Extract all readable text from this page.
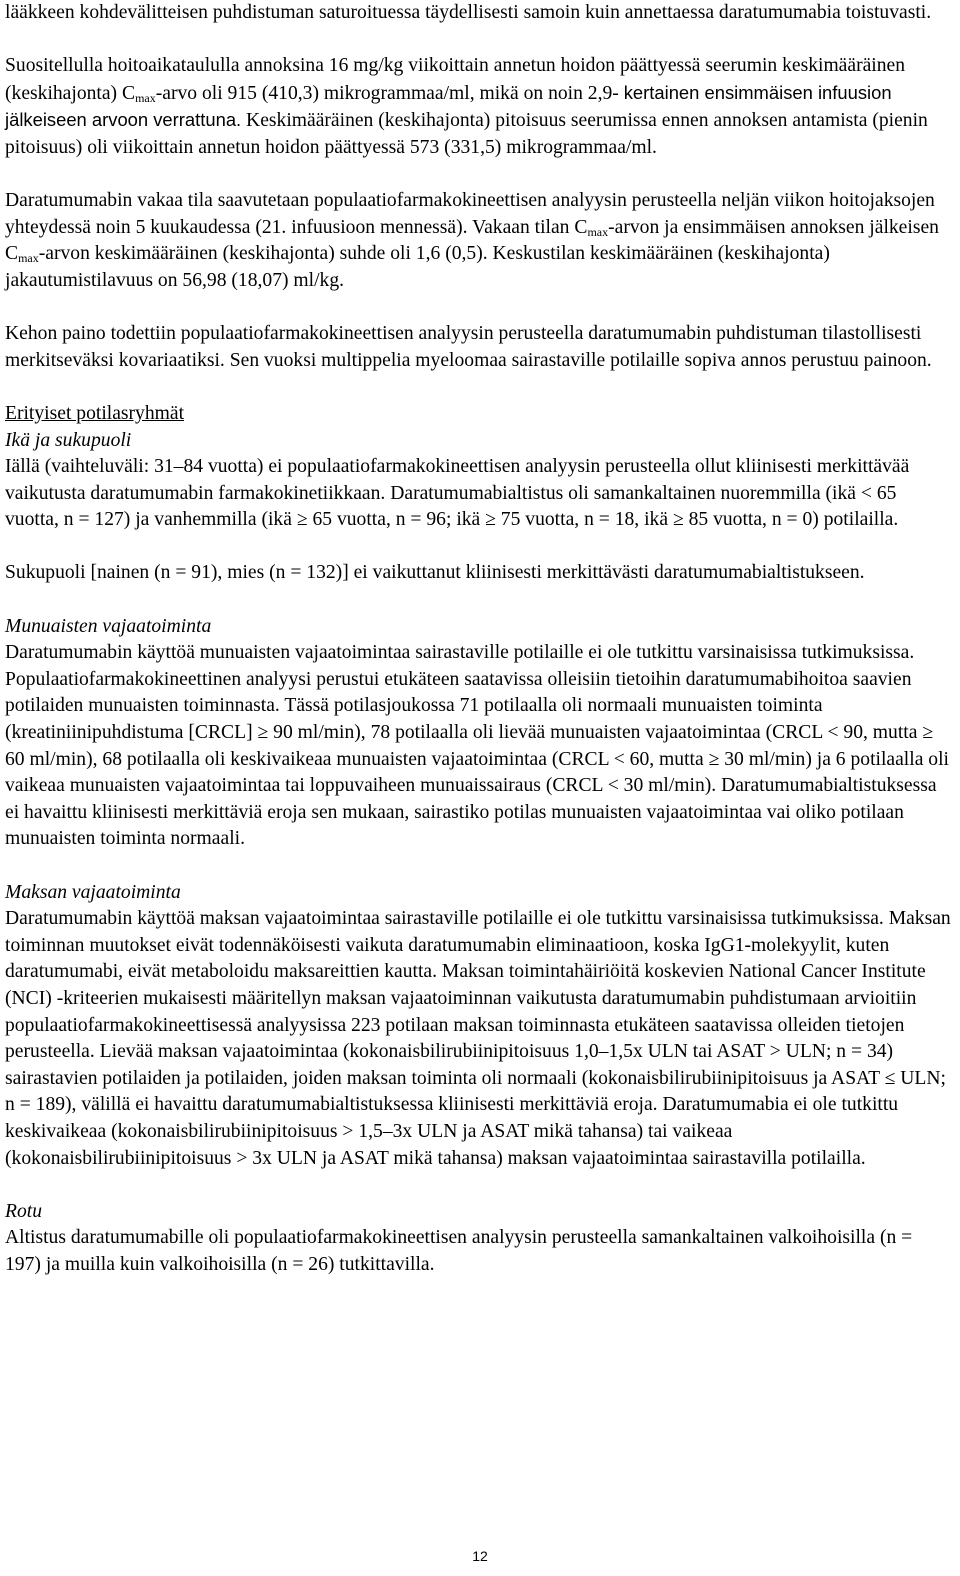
lääkkeen kohdevälitteisen puhdistuman saturoituessa täydellisesti samoin kuin annettaessa daratumumabia toistuvasti.

Suositellulla hoitoaikataululla annoksina 16 mg/kg viikoittain annetun hoidon päättyessä seerumin keskimääräinen (keskihajonta) $C_{max}$-arvo oli 915 (410,3) mikrogrammaa/ml, mikä on noin 2,9- kertainen ensimmäisen infuusion jälkeiseen arvoon verrattuna. Keskimääräinen (keskihajonta) pitoisuus seerumissa ennen annoksen antamista (pienin pitoisuus) oli viikoittain annetun hoidon päättyessä 573 (331,5) mikrogrammaa/ml.

Daratumumabin vakaa tila saavutetaan populaatiofarmakokineettisen analyysin perusteella neljän viikon hoitojaksojen yhteydessä noin 5 kuukaudessa (21. infuusioon mennessä). Vakaan tilan $C_{max}$-arvon ja ensimmäisen annoksen jälkeisen $C_{max}$-arvon keskimääräinen (keskihajonta) suhde oli 1,6 (0,5). Keskustilan keskimääräinen (keskihajonta) jakautumistilavuus on 56,98 (18,07) ml/kg.

Kehon paino todettiin populaatiofarmakokineettisen analyysin perusteella daratumumabin puhdistuman tilastollisesti merkitseväksi kovariaatiksi. Sen vuoksi multippelia myeloomaa sairastaville potilaille sopiva annos perustuu painoon.

Erityiset potilasryhmät

Ikä ja sukupuoli

Iällä (vaihteluväli: 31–84 vuotta) ei populaatiofarmakokineettisen analyysin perusteella ollut kliinisesti merkittävää vaikutusta daratumumabin farmakokinetiikkaan. Daratumumabialtistus oli samankaltainen nuoremmilla (ikä < 65 vuotta, n = 127) ja vanhemmilla (ikä ≥ 65 vuotta, n = 96; ikä ≥ 75 vuotta, n = 18, ikä ≥ 85 vuotta, n = 0) potilailla.

Sukupuoli [nainen (n = 91), mies (n = 132)] ei vaikuttanut kliinisesti merkittävästi daratumumabialtistukseen.

Munuaisten vajaatoiminta

Daratumumabin käyttöä munuaisten vajaatoimintaa sairastaville potilaille ei ole tutkittu varsinaisissa tutkimuksissa. Populaatiofarmakokineettinen analyysi perustui etukäteen saatavissa olleisiin tietoihin daratumumabihoitoa saavien potilaiden munuaisten toiminnasta. Tässä potilasjoukossa 71 potilaalla oli normaali munuaisten toiminta (kreatiniinipuhdistuma [CRCL] ≥ 90 ml/min), 78 potilaalla oli lievää munuaisten vajaatoimintaa (CRCL < 90, mutta ≥ 60 ml/min), 68 potilaalla oli keskivaikeaa munuaisten vajaatoimintaa (CRCL < 60, mutta ≥ 30 ml/min) ja 6 potilaalla oli vaikeaa munuaisten vajaatoimintaa tai loppuvaiheen munuaissairaus (CRCL < 30 ml/min). Daratumumabialtistuksessa ei havaittu kliinisesti merkittäviä eroja sen mukaan, sairastiko potilas munuaisten vajaatoimintaa vai oliko potilaan munuaisten toiminta normaali.

Maksan vajaatoiminta

Daratumumabin käyttöä maksan vajaatoimintaa sairastaville potilaille ei ole tutkittu varsinaisissa tutkimuksissa. Maksan toiminnan muutokset eivät todennäköisesti vaikuta daratumumabin eliminaatioon, koska IgG1-molekyylit, kuten daratumumabi, eivät metaboloidu maksareittien kautta. Maksan toimintahäiriöitä koskevien National Cancer Institute (NCI) -kriteerien mukaisesti määritellyn maksan vajaatoiminnan vaikutusta daratumumabin puhdistumaan arvioitiin populaatiofarmakokineettisessä analyysissa 223 potilaan maksan toiminnasta etukäteen saatavissa olleiden tietojen perusteella. Lievää maksan vajaatoimintaa (kokonaisbilirubiinipitoisuus 1,0–1,5x ULN tai ASAT > ULN; n = 34) sairastavien potilaiden ja potilaiden, joiden maksan toiminta oli normaali (kokonaisbilirubiinipitoisuus ja ASAT ≤ ULN; n = 189), välillä ei havaittu daratumumabialtistuksessa kliinisesti merkittäviä eroja. Daratumumabia ei ole tutkittu keskivaikeaa (kokonaisbilirubiinipitoisuus > 1,5–3x ULN ja ASAT mikä tahansa) tai vaikeaa (kokonaisbilirubiinipitoisuus > 3x ULN ja ASAT mikä tahansa) maksan vajaatoimintaa sairastavilla potilailla.

Rotu

Altistus daratumumabille oli populaatiofarmakokineettisen analyysin perusteella samankaltainen valkoihoisilla (n = 197) ja muilla kuin valkoihoisilla (n = 26) tutkittavilla.

12
